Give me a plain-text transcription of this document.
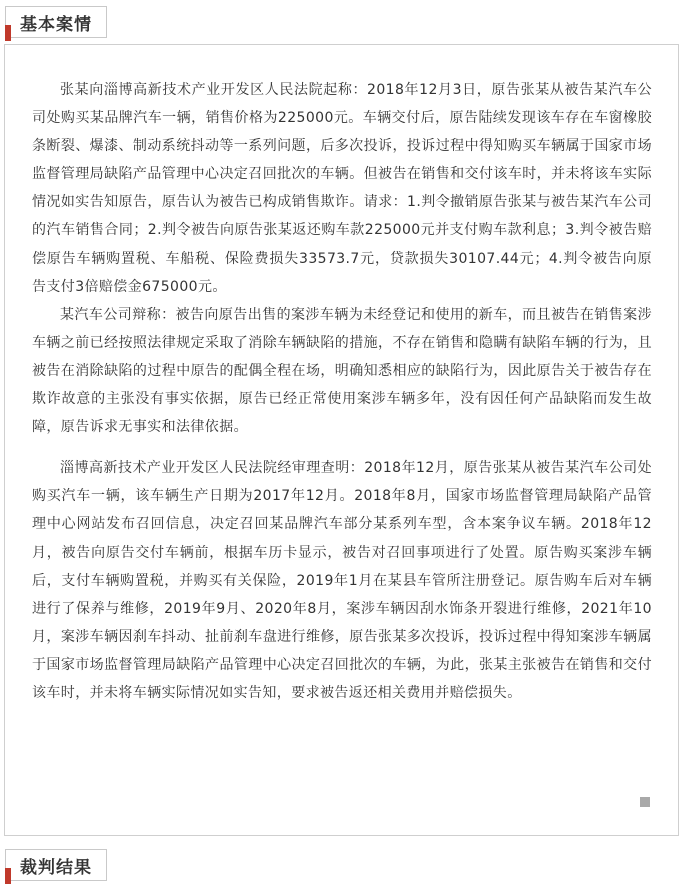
基本案情

张某向淄博高新技术产业开发区人民法院起称：2018年12月3日，原告张某从被告某汽车公司处购买某品牌汽车一辆，销售价格为225000元。车辆交付后，原告陆续发现该车存在车窗橡胶条断裂、爆漆、制动系统抖动等一系列问题，后多次投诉，投诉过程中得知购买车辆属于国家市场监督管理局缺陷产品管理中心决定召回批次的车辆。但被告在销售和交付该车时，并未将该车实际情况如实告知原告，原告认为被告已构成销售欺诈。请求：1.判令撤销原告张某与被告某汽车公司的汽车销售合同；2.判令被告向原告张某返还购车款225000元并支付购车款利息；3.判令被告赔偿原告车辆购置税、车船税、保险费损失33573.7元，贷款损失30107.44元；4.判令被告向原告支付3倍赔偿金675000元。

某汽车公司辩称：被告向原告出售的案涉车辆为未经登记和使用的新车，而且被告在销售案涉车辆之前已经按照法律规定采取了消除车辆缺陷的措施，不存在销售和隐瞒有缺陷车辆的行为，且被告在消除缺陷的过程中原告的配偶全程在场，明确知悉相应的缺陷行为，因此原告关于被告存在欺诈故意的主张没有事实依据，原告已经正常使用案涉车辆多年，没有因任何产品缺陷而发生故障，原告诉求无事实和法律依据。

淄博高新技术产业开发区人民法院经审理查明：2018年12月，原告张某从被告某汽车公司处购买汽车一辆，该车辆生产日期为2017年12月。2018年8月，国家市场监督管理局缺陷产品管理中心网站发布召回信息，决定召回某品牌汽车部分某系列车型，含本案争议车辆。2018年12月，被告向原告交付车辆前，根据车历卡显示，被告对召回事项进行了处置。原告购买案涉车辆后，支付车辆购置税，并购买有关保险，2019年1月在某县车管所注册登记。原告购车后对车辆进行了保养与维修，2019年9月、2020年8月，案涉车辆因刮水饰条开裂进行维修，2021年10月，案涉车辆因刹车抖动、扯前刹车盘进行维修，原告张某多次投诉，投诉过程中得知案涉车辆属于国家市场监督管理局缺陷产品管理中心决定召回批次的车辆，为此，张某主张被告在销售和交付该车时，并未将车辆实际情况如实告知，要求被告返还相关费用并赔偿损失。

裁判结果
